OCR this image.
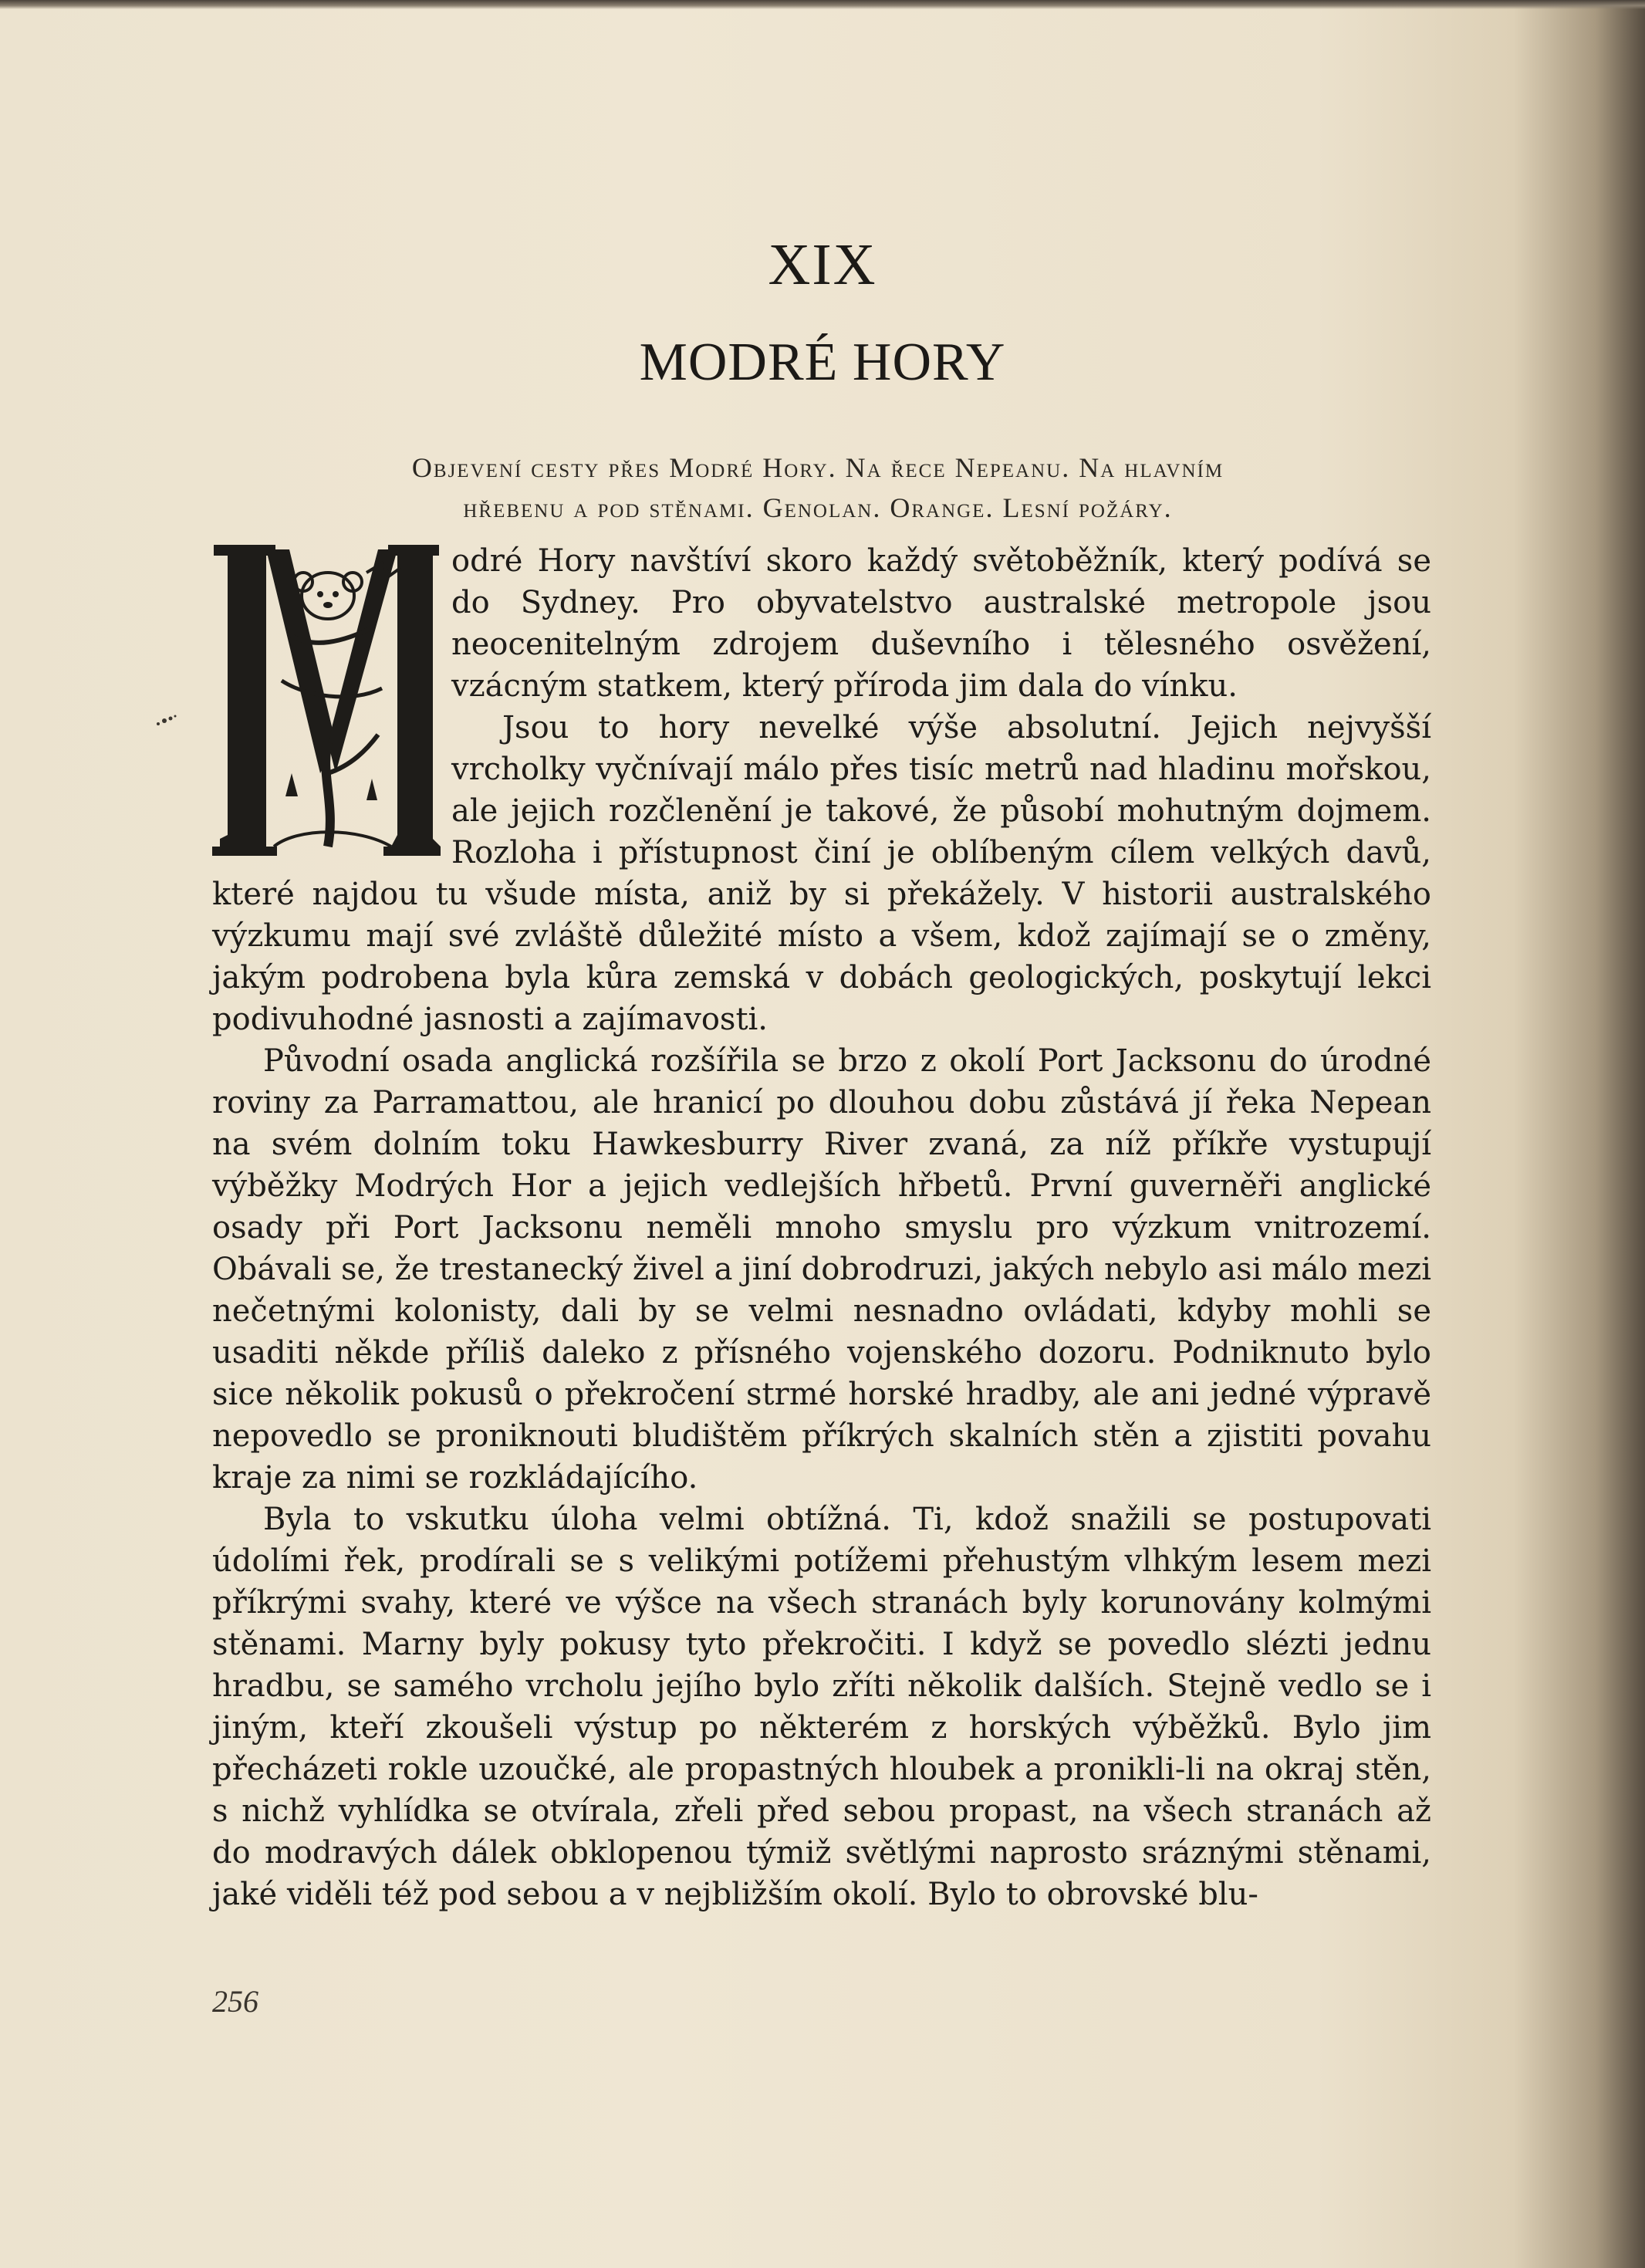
XIX
MODRÉ HORY
Objevení cesty přes Modré Hory. Na řece Nepeanu. Na hlavním
hřebenu a pod stěnami. Genolan. Orange. Lesní požáry.

odré Hory navštíví skoro každý světoběžník, který podívá se do Sydney. Pro obyvatelstvo australské metropole jsou neocenitelným zdrojem duševního i tělesného osvěžení, vzácným statkem, který příroda jim dala do vínku.

Jsou to hory nevelké výše absolutní. Jejich nejvyšší vrcholky vyčnívají málo přes tisíc metrů nad hladinu mořskou, ale jejich rozčlenění je takové, že působí mohutným dojmem. Rozloha i přístupnost činí je oblíbeným cílem velkých davů, které najdou tu všude místa, aniž by si překážely. V historii australského výzkumu mají své zvláště důležité místo a všem, kdož zajímají se o změny, jakým podrobena byla kůra zemská v dobách geologických, poskytují lekci podivuhodné jasnosti a zajímavosti.

Původní osada anglická rozšířila se brzo z okolí Port Jacksonu do úrodné roviny za Parramattou, ale hranicí po dlouhou dobu zůstává jí řeka Nepean na svém dolním toku Hawkesburry River zvaná, za níž příkře vystupují výběžky Modrých Hor a jejich vedlejších hřbetů. První guverněři anglické osady při Port Jacksonu neměli mnoho smyslu pro výzkum vnitrozemí. Obávali se, že trestanecký živel a jiní dobrodruzi, jakých nebylo asi málo mezi nečetnými kolonisty, dali by se velmi nesnadno ovládati, kdyby mohli se usaditi někde příliš daleko z přísného vojenského dozoru. Podniknuto bylo sice několik pokusů o překročení strmé horské hradby, ale ani jedné výpravě nepovedlo se proniknouti bludištěm příkrých skalních stěn a zjistiti povahu kraje za nimi se rozkládajícího.

Byla to vskutku úloha velmi obtížná. Ti, kdož snažili se postupovati údolími řek, prodírali se s velikými potížemi přehustým vlhkým lesem mezi příkrými svahy, které ve výšce na všech stranách byly korunovány kolmými stěnami. Marny byly pokusy tyto překročiti. I když se povedlo slézti jednu hradbu, se samého vrcholu jejího bylo zříti několik dalších. Stejně vedlo se i jiným, kteří zkoušeli výstup po některém z horských výběžků. Bylo jim přecházeti rokle uzoučké, ale propastných hloubek a pronikli-li na okraj stěn, s nichž vyhlídka se otvírala, zřeli před sebou propast, na všech stranách až do modravých dálek obklopenou týmiž světlými naprosto sráznými stěnami, jaké viděli též pod sebou a v nejbližším okolí. Bylo to obrovské blu-

256
